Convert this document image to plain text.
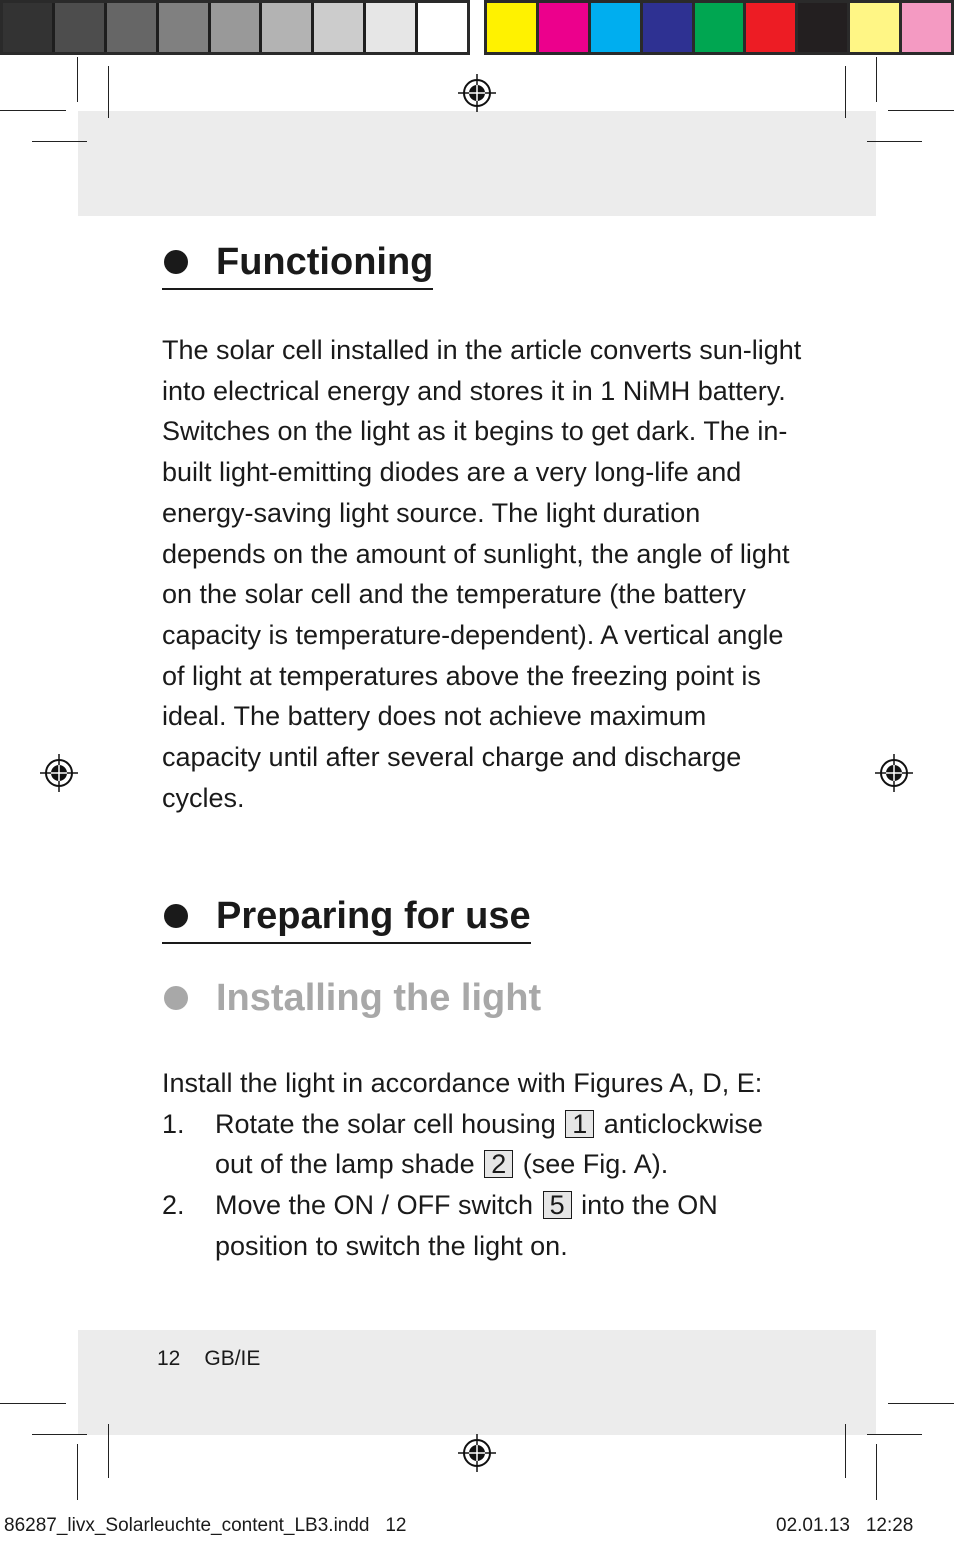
Functioning
The solar cell installed in the article converts sun-light into electrical energy and stores it in 1 NiMH battery. Switches on the light as it begins to get dark. The in-built light-emitting diodes are a very long-life and energy-saving light source. The light duration depends on the amount of sunlight, the angle of light on the solar cell and the temperature (the battery capacity is temperature-dependent). A vertical angle of light at temperatures above the freezing point is ideal. The battery does not achieve maximum capacity until after several charge and discharge cycles.
Preparing for use
Installing the light
Install the light in accordance with Figures A, D, E:
1.	Rotate the solar cell housing 1 anticlockwise out of the lamp shade 2 (see Fig. A).
2.	Move the ON / OFF switch 5 into the ON position to switch the light on.
12 GB/IE
86287_livx_Solarleuchte_content_LB3.indd 12	02.01.13 12:28
